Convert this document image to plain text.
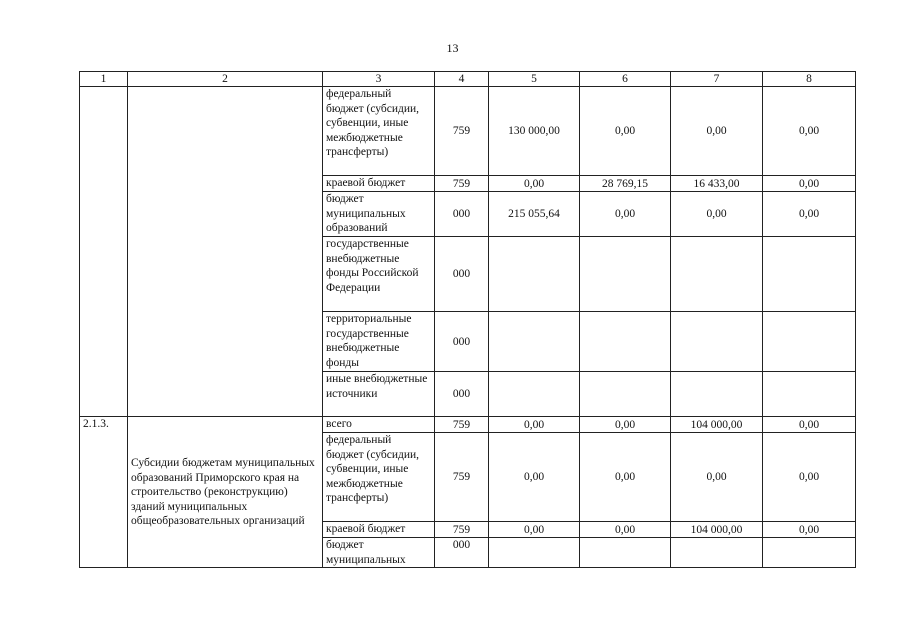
13
1	2	3	4	5	6	7	8
		федеральный бюджет (субсидии, субвенции, иные межбюджетные трансферты)	759	130 000,00	0,00	0,00	0,00
		краевой бюджет	759	0,00	28 769,15	16 433,00	0,00
		бюджет муниципальных образований	000	215 055,64	0,00	0,00	0,00
		государственные внебюджетные фонды Российской Федерации	000				
		территориальные государственные внебюджетные фонды	000				
		иные внебюджетные источники	000				
2.1.3.	Субсидии бюджетам муниципальных образований Приморского края на строительство (реконструкцию) зданий муниципальных общеобразовательных организаций	всего	759	0,00	0,00	104 000,00	0,00
		федеральный бюджет (субсидии, субвенции, иные межбюджетные трансферты)	759	0,00	0,00	0,00	0,00
		краевой бюджет	759	0,00	0,00	104 000,00	0,00
		бюджет муниципальных	000				
